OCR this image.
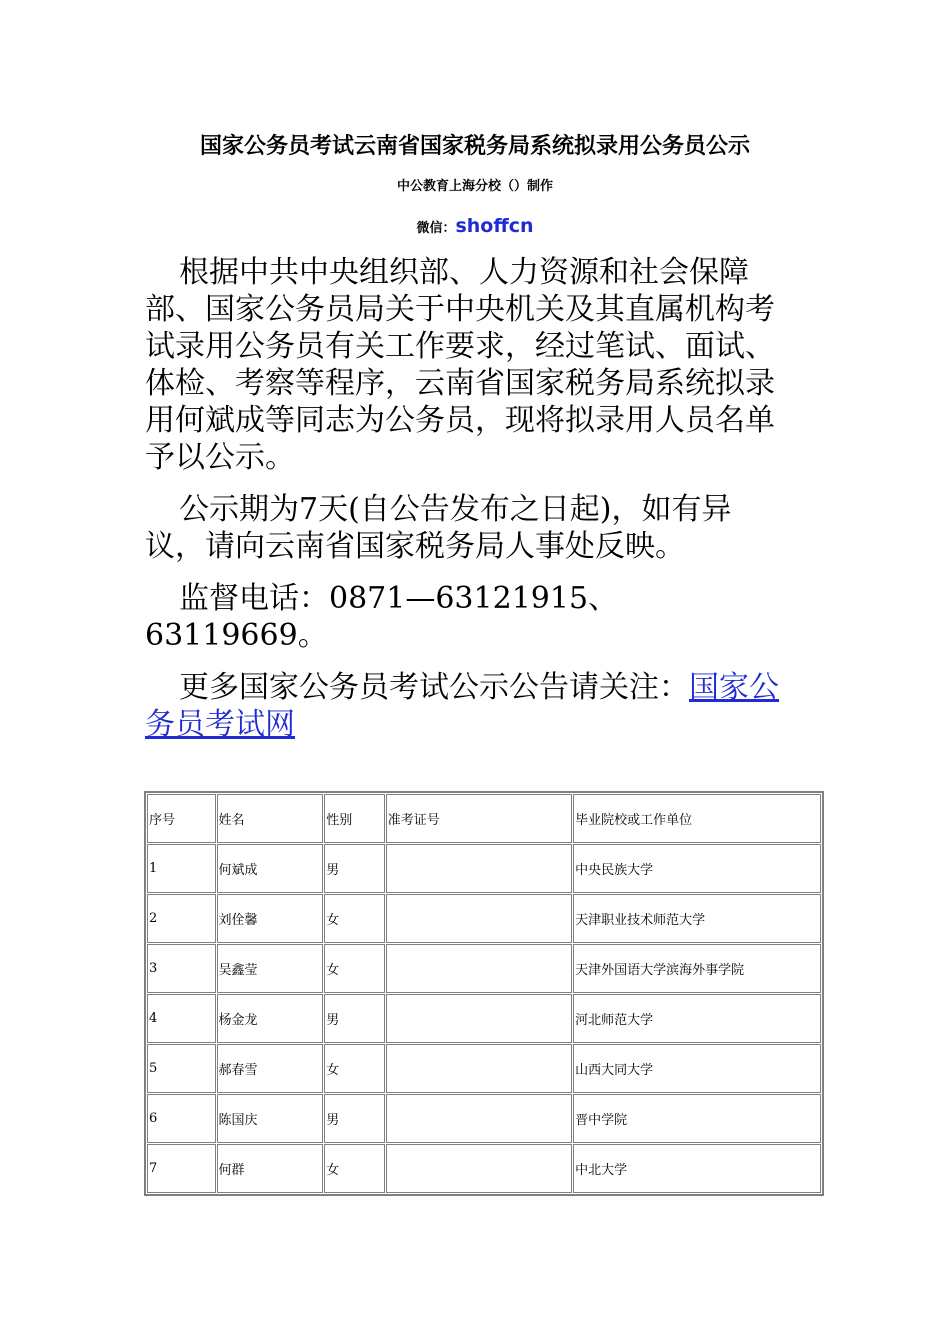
国家公务员考试云南省国家税务局系统拟录用公务员公示
中公教育上海分校（）制作
微信：shoffcn

根据中共中央组织部、人力资源和社会保障部、国家公务员局关于中央机关及其直属机构考试录用公务员有关工作要求，经过笔试、面试、体检、考察等程序，云南省国家税务局系统拟录用何斌成等同志为公务员，现将拟录用人员名单予以公示。

公示期为7天(自公告发布之日起)，如有异议，请向云南省国家税务局人事处反映。

监督电话：0871—63121915、63119669。

更多国家公务员考试公示公告请关注：国家公务员考试网

序号	姓名	性别	准考证号	毕业院校或工作单位
1	何斌成	男		中央民族大学
2	刘佺馨	女		天津职业技术师范大学
3	吴鑫莹	女		天津外国语大学滨海外事学院
4	杨金龙	男		河北师范大学
5	郝春雪	女		山西大同大学
6	陈国庆	男		晋中学院
7	何群	女		中北大学
